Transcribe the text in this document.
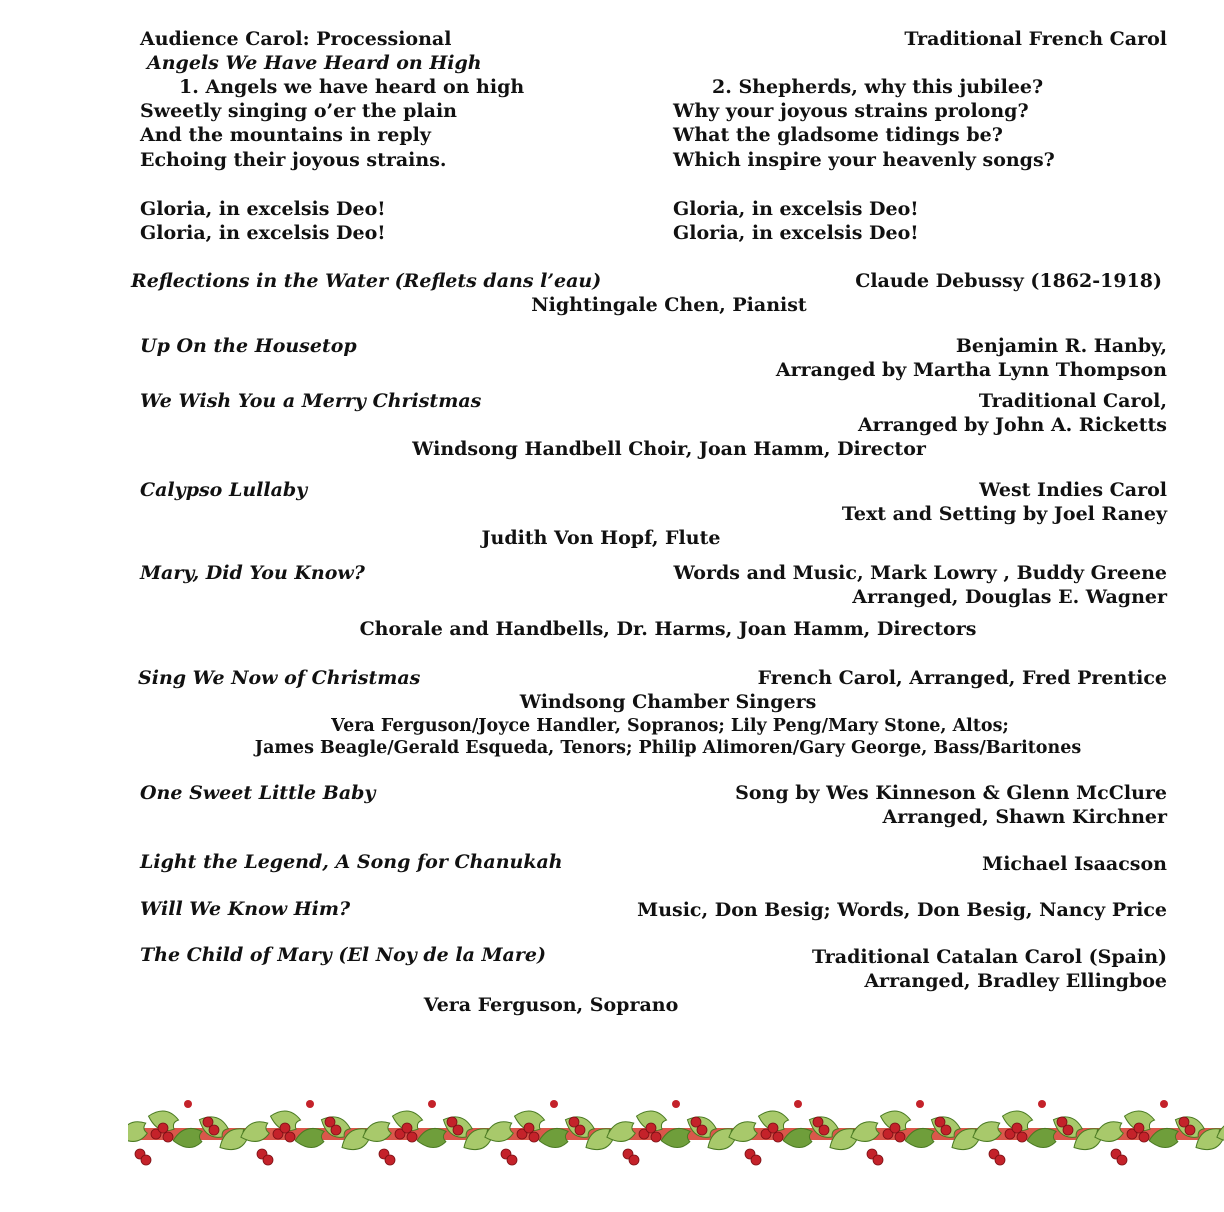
Audience Carol: Processional	Traditional French Carol
Angels We Have Heard on High
1. Angels we have heard on high
Sweetly singing o’er the plain
And the mountains in reply
Echoing their joyous strains.
2. Shepherds, why this jubilee?
Why your joyous strains prolong?
What the gladsome tidings be?
Which inspire your heavenly songs?
Gloria, in excelsis Deo!
Gloria, in excelsis Deo!
Gloria, in excelsis Deo!
Gloria, in excelsis Deo!
Reflections in the Water (Reflets dans l’eau)	Claude Debussy (1862-1918)
Nightingale Chen, Pianist
Up On the Housetop	Benjamin R. Hanby,
Arranged by Martha Lynn Thompson
We Wish You a Merry Christmas	Traditional Carol,
Arranged by John A. Ricketts
Windsong Handbell Choir, Joan Hamm, Director
Calypso Lullaby	West Indies Carol
Text and Setting by Joel Raney
Judith Von Hopf, Flute
Mary, Did You Know?	Words and Music, Mark Lowry , Buddy Greene
Arranged, Douglas E. Wagner
Chorale and Handbells, Dr. Harms, Joan Hamm, Directors
Sing We Now of Christmas	French Carol, Arranged, Fred Prentice
Windsong Chamber Singers
Vera Ferguson/Joyce Handler, Sopranos; Lily Peng/Mary Stone, Altos;
James Beagle/Gerald Esqueda, Tenors; Philip Alimoren/Gary George, Bass/Baritones
One Sweet Little Baby	Song by Wes Kinneson & Glenn McClure
Arranged, Shawn Kirchner
Light the Legend, A Song for Chanukah	Michael Isaacson
Will We Know Him?	Music, Don Besig; Words, Don Besig, Nancy Price
The Child of Mary (El Noy de la Mare)	Traditional Catalan Carol (Spain)
Arranged, Bradley Ellingboe
Vera Ferguson, Soprano
